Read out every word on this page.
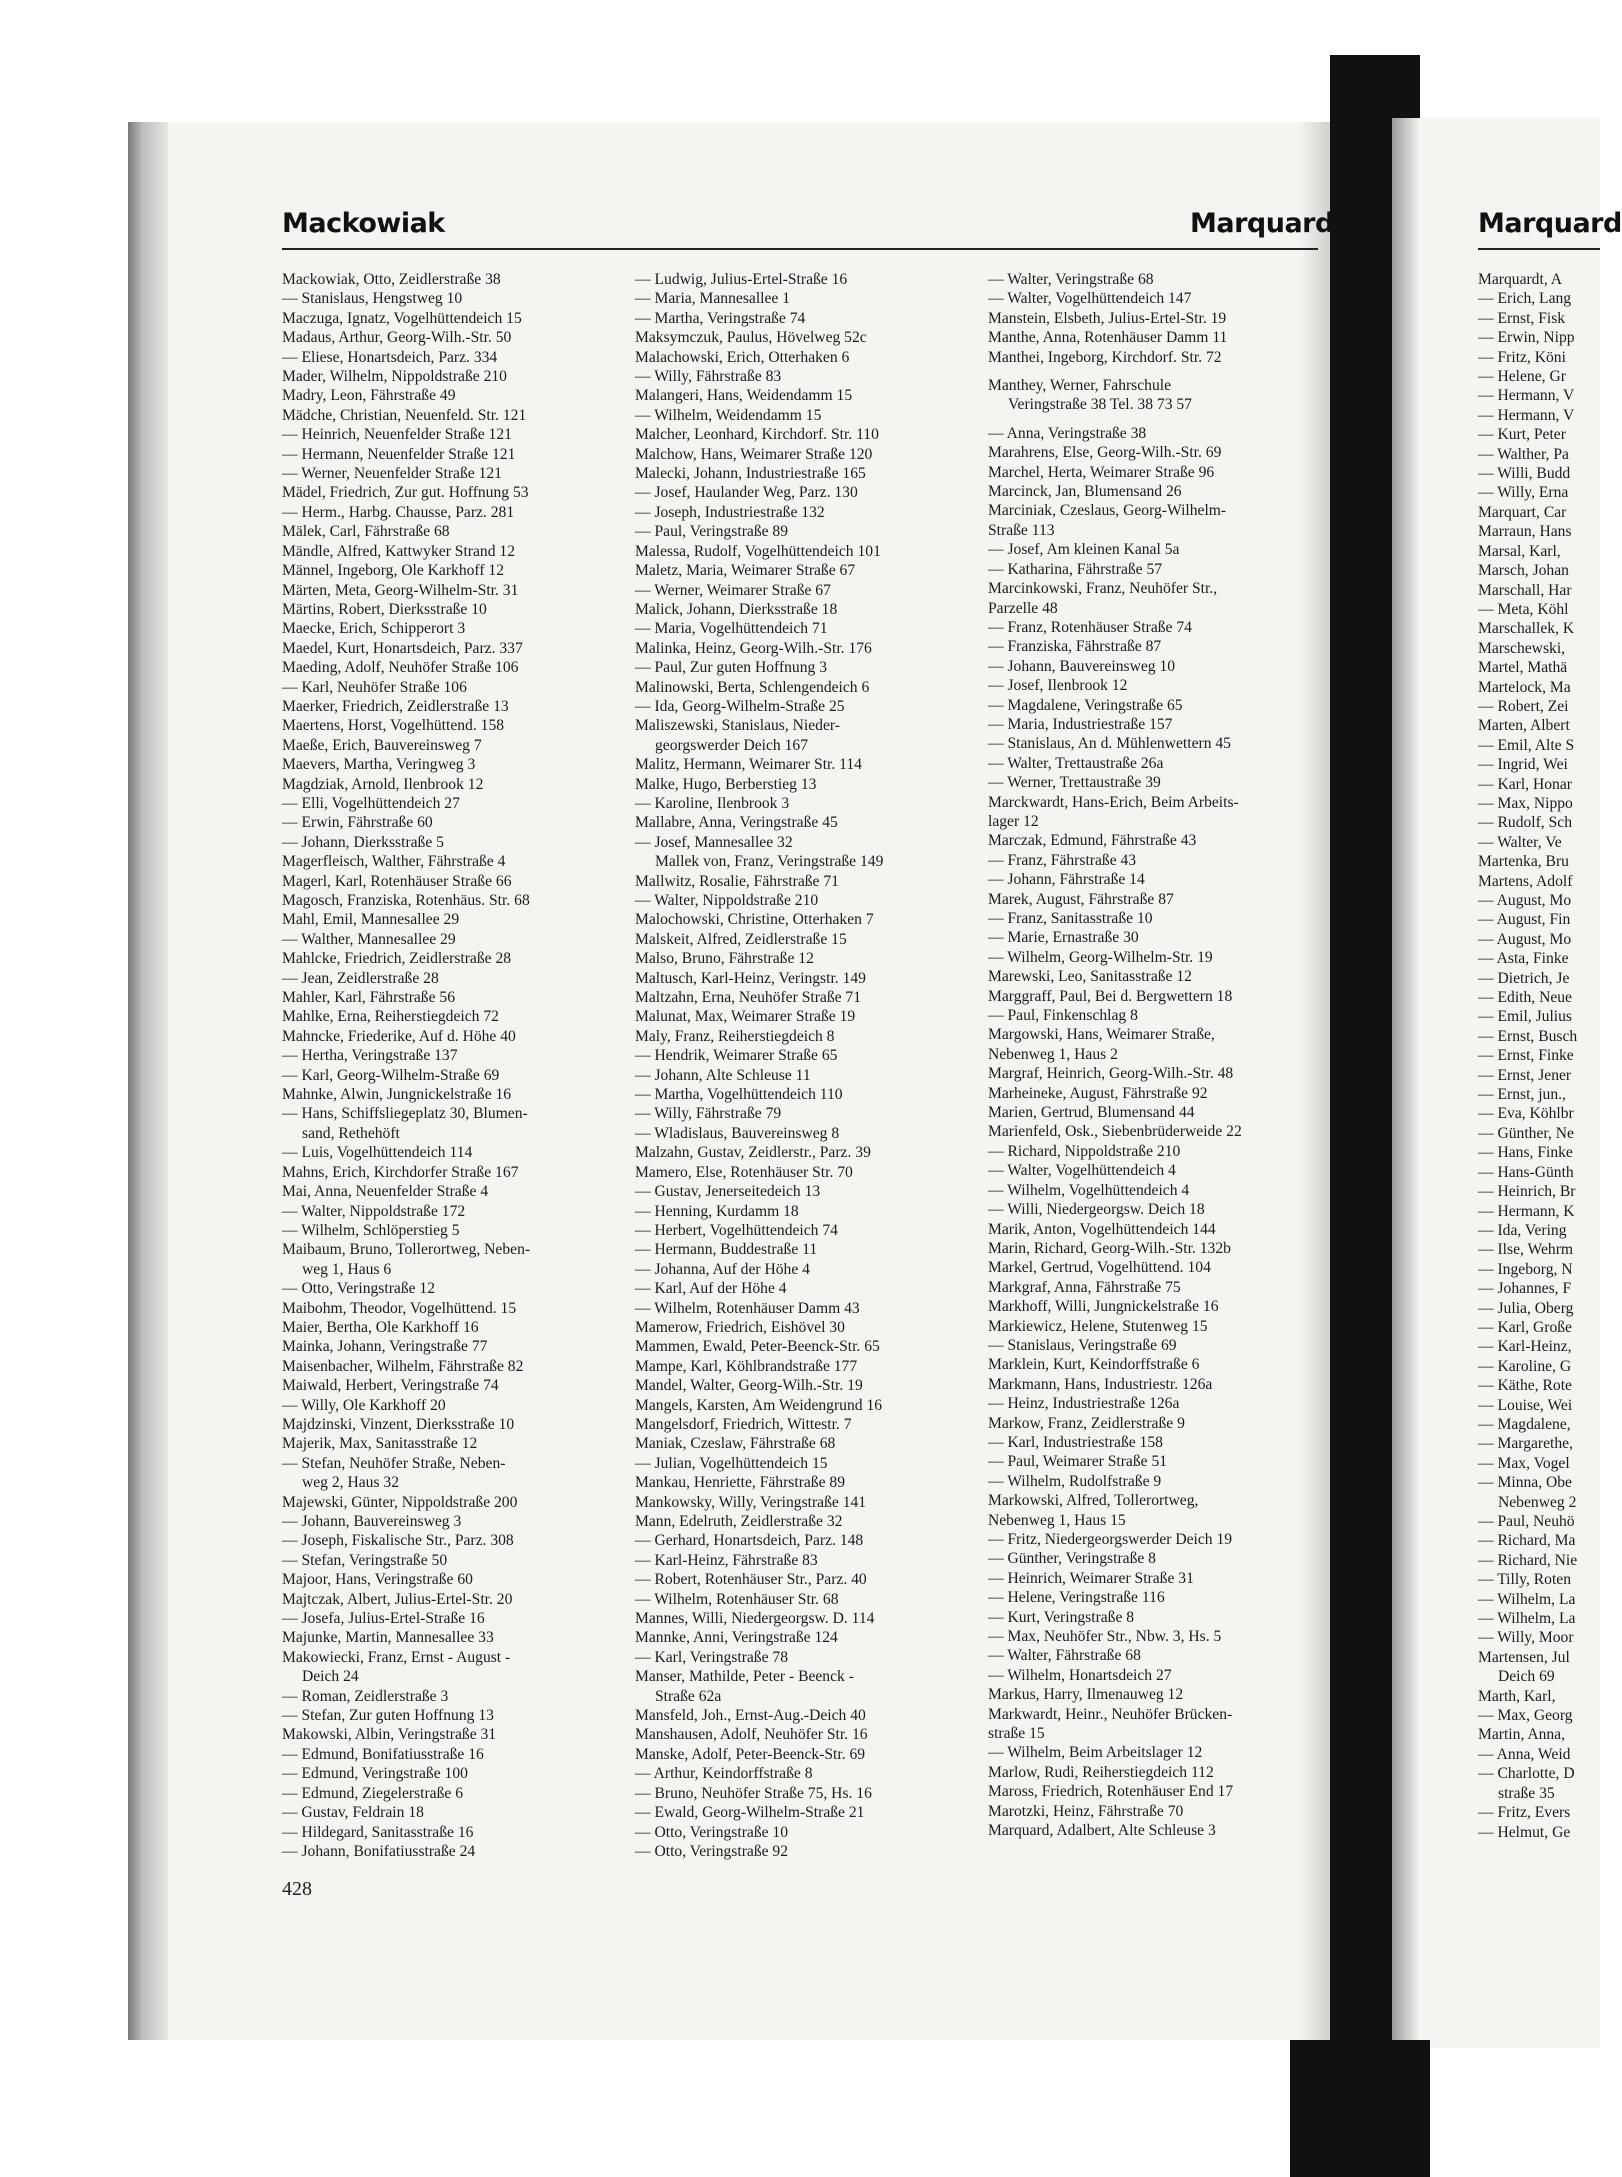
Mackowiak	Marquard	Marquard
Mackowiak, Otto, Zeidlerstraße 38
— Stanislaus, Hengstweg 10
Maczuga, Ignatz, Vogelhüttendeich 15
Madaus, Arthur, Georg-Wilh.-Str. 50
— Eliese, Honartsdeich, Parz. 334
Mader, Wilhelm, Nippoldstraße 210
Madry, Leon, Fährstraße 49
Mädche, Christian, Neuenfeld. Str. 121
— Heinrich, Neuenfelder Straße 121
— Hermann, Neuenfelder Straße 121
— Werner, Neuenfelder Straße 121
Mädel, Friedrich, Zur gut. Hoffnung 53
— Herm., Harbg. Chausse, Parz. 281
Mälek, Carl, Fährstraße 68
Mändle, Alfred, Kattwyker Strand 12
Männel, Ingeborg, Ole Karkhoff 12
Märten, Meta, Georg-Wilhelm-Str. 31
Märtins, Robert, Dierksstraße 10
Maecke, Erich, Schipperort 3
Maedel, Kurt, Honartsdeich, Parz. 337
Maeding, Adolf, Neuhöfer Straße 106
— Karl, Neuhöfer Straße 106
Maerker, Friedrich, Zeidlerstraße 13
Maertens, Horst, Vogelhüttend. 158
Maeße, Erich, Bauvereinsweg 7
Maevers, Martha, Veringweg 3
Magdziak, Arnold, Ilenbrook 12
— Elli, Vogelhüttendeich 27
— Erwin, Fährstraße 60
— Johann, Dierksstraße 5
Magerfleisch, Walther, Fährstraße 4
Magerl, Karl, Rotenhäuser Straße 66
Magosch, Franziska, Rotenhäus. Str. 68
Mahl, Emil, Mannesallee 29
— Walther, Mannesallee 29
Mahlcke, Friedrich, Zeidlerstraße 28
— Jean, Zeidlerstraße 28
Mahler, Karl, Fährstraße 56
Mahlke, Erna, Reiherstiegdeich 72
Mahncke, Friederike, Auf d. Höhe 40
— Hertha, Veringstraße 137
— Karl, Georg-Wilhelm-Straße 69
Mahnke, Alwin, Jungnickelstraße 16
— Hans, Schiffsliegeplatz 30, Blumen-
sand, Rethehöft
— Luis, Vogelhüttendeich 114
Mahns, Erich, Kirchdorfer Straße 167
Mai, Anna, Neuenfelder Straße 4
— Walter, Nippoldstraße 172
— Wilhelm, Schlöperstieg 5
Maibaum, Bruno, Tollerortweg, Neben-
weg 1, Haus 6
— Otto, Veringstraße 12
Maibohm, Theodor, Vogelhüttend. 15
Maier, Bertha, Ole Karkhoff 16
Mainka, Johann, Veringstraße 77
Maisenbacher, Wilhelm, Fährstraße 82
Maiwald, Herbert, Veringstraße 74
— Willy, Ole Karkhoff 20
Majdzinski, Vinzent, Dierksstraße 10
Majerik, Max, Sanitasstraße 12
— Stefan, Neuhöfer Straße, Neben-
weg 2, Haus 32
Majewski, Günter, Nippoldstraße 200
— Johann, Bauvereinsweg 3
— Joseph, Fiskalische Str., Parz. 308
— Stefan, Veringstraße 50
Majoor, Hans, Veringstraße 60
Majtczak, Albert, Julius-Ertel-Str. 20
— Josefa, Julius-Ertel-Straße 16
Majunke, Martin, Mannesallee 33
Makowiecki, Franz, Ernst - August -
Deich 24
— Roman, Zeidlerstraße 3
— Stefan, Zur guten Hoffnung 13
Makowski, Albin, Veringstraße 31
— Edmund, Bonifatiusstraße 16
— Edmund, Veringstraße 100
— Edmund, Ziegelerstraße 6
— Gustav, Feldrain 18
— Hildegard, Sanitasstraße 16
— Johann, Bonifatiusstraße 24
— Ludwig, Julius-Ertel-Straße 16
— Maria, Mannesallee 1
— Martha, Veringstraße 74
Maksymczuk, Paulus, Hövelweg 52c
Malachowski, Erich, Otterhaken 6
— Willy, Fährstraße 83
Malangeri, Hans, Weidendamm 15
— Wilhelm, Weidendamm 15
Malcher, Leonhard, Kirchdorf. Str. 110
Malchow, Hans, Weimarer Straße 120
Malecki, Johann, Industriestraße 165
— Josef, Haulander Weg, Parz. 130
— Joseph, Industriestraße 132
— Paul, Veringstraße 89
Malessa, Rudolf, Vogelhüttendeich 101
Maletz, Maria, Weimarer Straße 67
— Werner, Weimarer Straße 67
Malick, Johann, Dierksstraße 18
— Maria, Vogelhüttendeich 71
Malinka, Heinz, Georg-Wilh.-Str. 176
— Paul, Zur guten Hoffnung 3
Malinowski, Berta, Schlengendeich 6
— Ida, Georg-Wilhelm-Straße 25
Maliszewski, Stanislaus, Nieder-
georgswerder Deich 167
Malitz, Hermann, Weimarer Str. 114
Malke, Hugo, Berberstieg 13
— Karoline, Ilenbrook 3
Mallabre, Anna, Veringstraße 45
— Josef, Mannesallee 32
Mallek von, Franz, Veringstraße 149
Mallwitz, Rosalie, Fährstraße 71
— Walter, Nippoldstraße 210
Malochowski, Christine, Otterhaken 7
Malskeit, Alfred, Zeidlerstraße 15
Malso, Bruno, Fährstraße 12
Maltusch, Karl-Heinz, Veringstr. 149
Maltzahn, Erna, Neuhöfer Straße 71
Malunat, Max, Weimarer Straße 19
Maly, Franz, Reiherstiegdeich 8
— Hendrik, Weimarer Straße 65
— Johann, Alte Schleuse 11
— Martha, Vogelhüttendeich 110
— Willy, Fährstraße 79
— Wladislaus, Bauvereinsweg 8
Malzahn, Gustav, Zeidlerstr., Parz. 39
Mamero, Else, Rotenhäuser Str. 70
— Gustav, Jenerseitedeich 13
— Henning, Kurdamm 18
— Herbert, Vogelhüttendeich 74
— Hermann, Buddestraße 11
— Johanna, Auf der Höhe 4
— Karl, Auf der Höhe 4
— Wilhelm, Rotenhäuser Damm 43
Mamerow, Friedrich, Eishövel 30
Mammen, Ewald, Peter-Beenck-Str. 65
Mampe, Karl, Köhlbrandstraße 177
Mandel, Walter, Georg-Wilh.-Str. 19
Mangels, Karsten, Am Weidengrund 16
Mangelsdorf, Friedrich, Wittestr. 7
Maniak, Czeslaw, Fährstraße 68
— Julian, Vogelhüttendeich 15
Mankau, Henriette, Fährstraße 89
Mankowsky, Willy, Veringstraße 141
Mann, Edelruth, Zeidlerstraße 32
— Gerhard, Honartsdeich, Parz. 148
— Karl-Heinz, Fährstraße 83
— Robert, Rotenhäuser Str., Parz. 40
— Wilhelm, Rotenhäuser Str. 68
Mannes, Willi, Niedergeorgsw. D. 114
Mannke, Anni, Veringstraße 124
— Karl, Veringstraße 78
Manser, Mathilde, Peter - Beenck -
Straße 62a
Mansfeld, Joh., Ernst-Aug.-Deich 40
Manshausen, Adolf, Neuhöfer Str. 16
Manske, Adolf, Peter-Beenck-Str. 69
— Arthur, Keindorffstraße 8
— Bruno, Neuhöfer Straße 75, Hs. 16
— Ewald, Georg-Wilhelm-Straße 21
— Otto, Veringstraße 10
— Otto, Veringstraße 92
— Walter, Veringstraße 68
— Walter, Vogelhüttendeich 147
Manstein, Elsbeth, Julius-Ertel-Str. 19
Manthe, Anna, Rotenhäuser Damm 11
Manthei, Ingeborg, Kirchdorf. Str. 72
Manthey, Werner, Fahrschule
Veringstraße 38 Tel. 38 73 57
— Anna, Veringstraße 38
Marahrens, Else, Georg-Wilh.-Str. 69
Marchel, Herta, Weimarer Straße 96
Marcinck, Jan, Blumensand 26
Marciniak, Czeslaus, Georg-Wilhelm-
Straße 113
— Josef, Am kleinen Kanal 5a
— Katharina, Fährstraße 57
Marcinkowski, Franz, Neuhöfer Str.,
Parzelle 48
— Franz, Rotenhäuser Straße 74
— Franziska, Fährstraße 87
— Johann, Bauvereinsweg 10
— Josef, Ilenbrook 12
— Magdalene, Veringstraße 65
— Maria, Industriestraße 157
— Stanislaus, An d. Mühlenwettern 45
— Walter, Trettaustraße 26a
— Werner, Trettaustraße 39
Marckwardt, Hans-Erich, Beim Arbeits-
lager 12
Marczak, Edmund, Fährstraße 43
— Franz, Fährstraße 43
— Johann, Fährstraße 14
Marek, August, Fährstraße 87
— Franz, Sanitasstraße 10
— Marie, Ernastraße 30
— Wilhelm, Georg-Wilhelm-Str. 19
Marewski, Leo, Sanitasstraße 12
Marggraff, Paul, Bei d. Bergwettern 18
— Paul, Finkenschlag 8
Margowski, Hans, Weimarer Straße,
Nebenweg 1, Haus 2
Margraf, Heinrich, Georg-Wilh.-Str. 48
Marheineke, August, Fährstraße 92
Marien, Gertrud, Blumensand 44
Marienfeld, Osk., Siebenbrüderweide 22
— Richard, Nippoldstraße 210
— Walter, Vogelhüttendeich 4
— Wilhelm, Vogelhüttendeich 4
— Willi, Niedergeorgsw. Deich 18
Marik, Anton, Vogelhüttendeich 144
Marin, Richard, Georg-Wilh.-Str. 132b
Markel, Gertrud, Vogelhüttend. 104
Markgraf, Anna, Fährstraße 75
Markhoff, Willi, Jungnickelstraße 16
Markiewicz, Helene, Stutenweg 15
— Stanislaus, Veringstraße 69
Marklein, Kurt, Keindorffstraße 6
Markmann, Hans, Industriestr. 126a
— Heinz, Industriestraße 126a
Markow, Franz, Zeidlerstraße 9
— Karl, Industriestraße 158
— Paul, Weimarer Straße 51
— Wilhelm, Rudolfstraße 9
Markowski, Alfred, Tollerortweg,
Nebenweg 1, Haus 15
— Fritz, Niedergeorgswerder Deich 19
— Günther, Veringstraße 8
— Heinrich, Weimarer Straße 31
— Helene, Veringstraße 116
— Kurt, Veringstraße 8
— Max, Neuhöfer Str., Nbw. 3, Hs. 5
— Walter, Fährstraße 68
— Wilhelm, Honartsdeich 27
Markus, Harry, Ilmenauweg 12
Markwardt, Heinr., Neuhöfer Brücken-
straße 15
— Wilhelm, Beim Arbeitslager 12
Marlow, Rudi, Reiherstiegdeich 112
Maross, Friedrich, Rotenhäuser End 17
Marotzki, Heinz, Fährstraße 70
Marquard, Adalbert, Alte Schleuse 3
Marquardt, A
— Erich, Lang
— Ernst, Fisk
— Erwin, Nipp
— Fritz, Köni
— Helene, Gr
— Hermann, V
— Hermann, V
— Kurt, Peter
— Walther, Pa
— Willi, Budd
— Willy, Erna
Marquart, Car
Marraun, Hans
Marsal, Karl,
Marsch, Johan
Marschall, Har
— Meta, Köhl
Marschallek, K
Marschewski,
Martel, Mathä
Martelock, Ma
— Robert, Zei
Marten, Albert
— Emil, Alte S
— Ingrid, Wei
— Karl, Honar
— Max, Nippo
— Rudolf, Sch
— Walter, Ve
Martenka, Bru
Martens, Adolf
— August, Mo
— August, Fin
— August, Mo
— Asta, Finke
— Dietrich, Je
— Edith, Neue
— Emil, Julius
— Ernst, Busch
— Ernst, Finke
— Ernst, Jener
— Ernst, jun.,
— Eva, Köhlbr
— Günther, Ne
— Hans, Finke
— Hans-Günth
— Heinrich, Br
— Hermann, K
— Ida, Vering
— Ilse, Wehrm
— Ingeborg, N
— Johannes, F
— Julia, Oberg
— Karl, Große
— Karl-Heinz,
— Karoline, G
— Käthe, Rote
— Louise, Wei
— Magdalene,
— Margarethe,
— Max, Vogel
— Minna, Obe
Nebenweg 2
— Paul, Neuhö
— Richard, Ma
— Richard, Nie
— Tilly, Roten
— Wilhelm, La
— Wilhelm, La
— Willy, Moor
Martensen, Jul
Deich 69
Marth, Karl,
— Max, Georg
Martin, Anna,
— Anna, Weid
— Charlotte, D
straße 35
— Fritz, Evers
— Helmut, Ge
428
